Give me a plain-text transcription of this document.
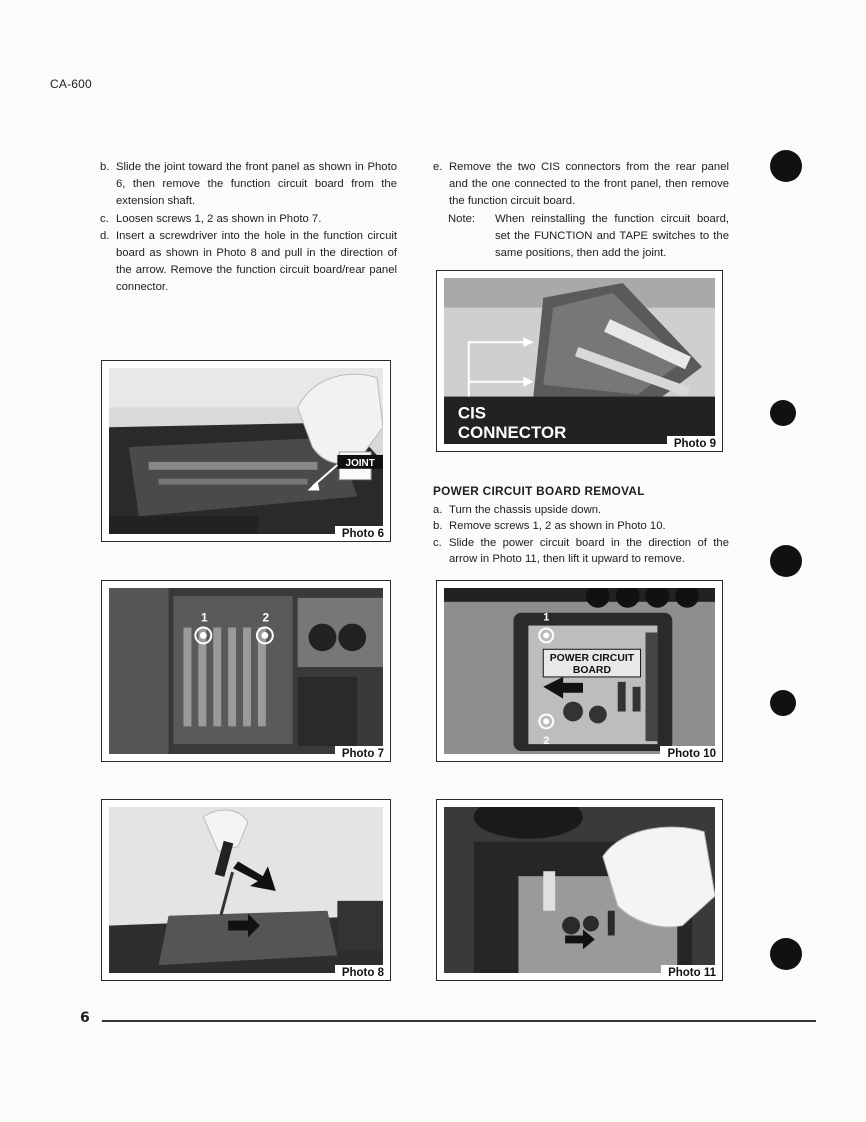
CA-600
b. Slide the joint toward the front panel as shown in Photo 6, then remove the function circuit board from the extension shaft.
c. Loosen screws 1, 2 as shown in Photo 7.
d. Insert a screwdriver into the hole in the function circuit board as shown in Photo 8 and pull in the direction of the arrow. Remove the function circuit board/rear panel connector.
e. Remove the two CIS connectors from the rear panel and the one connected to the front panel, then remove the function circuit board.
Note:	When reinstalling the function circuit board, set the FUNCTION and TAPE switches to the same positions, then add the joint.
POWER CIRCUIT BOARD REMOVAL
a. Turn the chassis upside down.
b. Remove screws 1, 2 as shown in Photo 10.
c. Slide the power circuit board in the direction of the arrow in Photo 11, then lift it upward to remove.
JOINT
Photo 6
1	2
Photo 7
Photo 8
CIS
CONNECTOR
Photo 9
POWER CIRCUIT
BOARD
1
2
Photo 10
Photo 11
6
